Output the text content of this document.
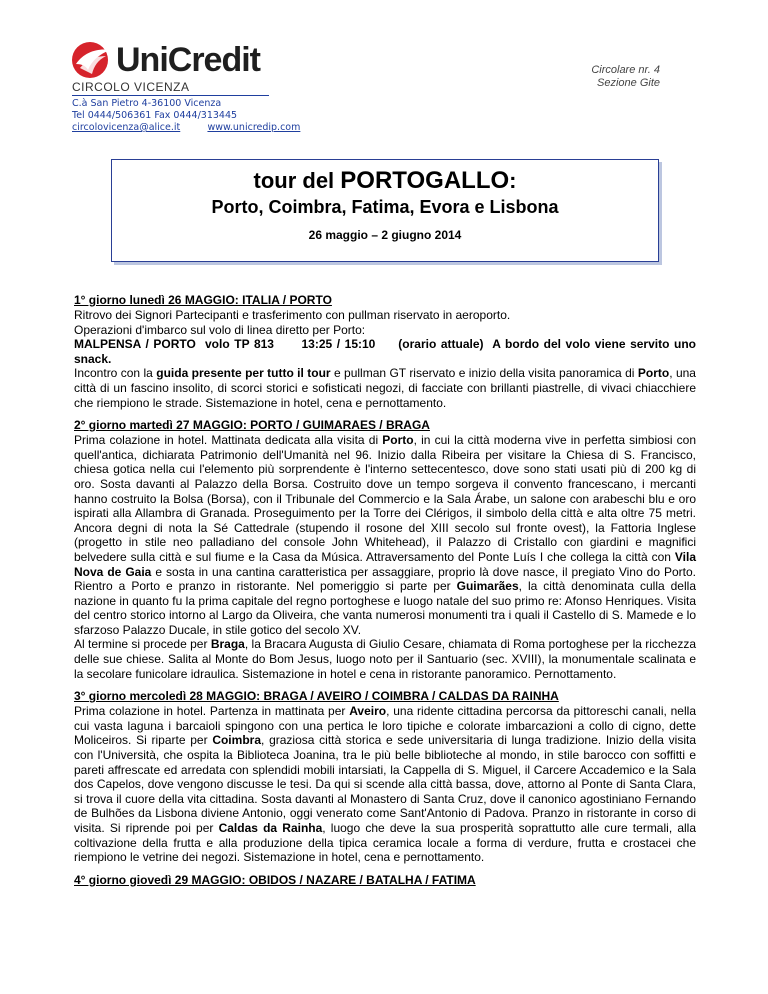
UniCredit
CIRCOLO VICENZA
C.à San Pietro 4-36100 Vicenza
Tel 0444/506361 Fax 0444/313445
circolovicenza@alice.it	www.unicredip.com
Circolare nr. 4
Sezione Gite
tour del PORTOGALLO:
Porto, Coimbra, Fatima, Evora e Lisbona
26 maggio – 2 giugno 2014
1° giorno lunedì 26 MAGGIO: ITALIA / PORTO

Ritrovo dei Signori Partecipanti e trasferimento con pullman riservato in aeroporto.

Operazioni d'imbarco sul volo di linea diretto per Porto:

MALPENSA / PORTO  volo TP 813      13:25 / 15:10     (orario attuale)  A bordo del volo viene servito uno snack.

Incontro con la guida presente per tutto il tour e pullman GT riservato e inizio della visita panoramica di Porto, una città di un fascino insolito, di scorci storici e sofisticati negozi, di facciate con brillanti piastrelle, di vivaci chiacchiere che riempiono le strade. Sistemazione in hotel, cena e pernottamento.

2° giorno martedì 27 MAGGIO: PORTO / GUIMARAES / BRAGA

Prima colazione in hotel. Mattinata dedicata alla visita di Porto, in cui la città moderna vive in perfetta simbiosi con quell'antica, dichiarata Patrimonio dell'Umanità nel 96. Inizio dalla Ribeira per visitare la Chiesa di S. Francisco, chiesa gotica nella cui l'elemento più sorprendente è l'interno settecentesco, dove sono stati usati più di 200 kg di oro. Sosta davanti al Palazzo della Borsa. Costruito dove un tempo sorgeva il convento francescano, i mercanti hanno costruito la Bolsa (Borsa), con il Tribunale del Commercio e la Sala Árabe, un salone con arabeschi blu e oro ispirati alla Allambra di Granada. Proseguimento per la Torre dei Clérigos, il simbolo della città e alta oltre 75 metri. Ancora degni di nota la Sé Cattedrale (stupendo il rosone del XIII secolo sul fronte ovest), la Fattoria Inglese (progetto in stile neo palladiano del console John Whitehead), il Palazzo di Cristallo con giardini e magnifici belvedere sulla città e sul fiume e la Casa da Música. Attraversamento del Ponte Luís I che collega la città con Vila Nova de Gaia e sosta in una cantina caratteristica per assaggiare, proprio là dove nasce, il pregiato Vino do Porto. Rientro a Porto e pranzo in ristorante. Nel pomeriggio si parte per Guimarães, la città denominata culla della nazione in quanto fu la prima capitale del regno portoghese e luogo natale del suo primo re: Afonso Henriques. Visita del centro storico intorno al Largo da Oliveira, che vanta numerosi monumenti tra i quali il Castello di S. Mamede e lo sfarzoso Palazzo Ducale, in stile gotico del secolo XV.

Al termine si procede per Braga, la Bracara Augusta di Giulio Cesare, chiamata di Roma portoghese per la ricchezza delle sue chiese. Salita al Monte do Bom Jesus, luogo noto per il Santuario (sec. XVIII), la monumentale scalinata e la secolare funicolare idraulica. Sistemazione in hotel e cena in ristorante panoramico. Pernottamento.

3° giorno mercoledì 28 MAGGIO: BRAGA / AVEIRO / COIMBRA / CALDAS DA RAINHA

Prima colazione in hotel. Partenza in mattinata per Aveiro, una ridente cittadina percorsa da pittoreschi canali, nella cui vasta laguna i barcaioli spingono con una pertica le loro tipiche e colorate imbarcazioni a collo di cigno, dette Moliceiros. Si riparte per Coimbra, graziosa città storica e sede universitaria di lunga tradizione. Inizio della visita con l'Università, che ospita la Biblioteca Joanina, tra le più belle biblioteche al mondo, in stile barocco con soffitti e pareti affrescate ed arredata con splendidi mobili intarsiati, la Cappella di S. Miguel, il Carcere Accademico e la Sala dos Capelos, dove vengono discusse le tesi. Da qui si scende alla città bassa, dove, attorno al Ponte di Santa Clara, si trova il cuore della vita cittadina. Sosta davanti al Monastero di Santa Cruz, dove il canonico agostiniano Fernando de Bulhões da Lisbona diviene Antonio, oggi venerato come Sant'Antonio di Padova. Pranzo in ristorante in corso di visita. Si riprende poi per Caldas da Rainha, luogo che deve la sua prosperità soprattutto alle cure termali, alla coltivazione della frutta e alla produzione della tipica ceramica locale a forma di verdure, frutta e crostacei che riempiono le vetrine dei negozi. Sistemazione in hotel, cena e pernottamento.

4° giorno giovedì 29 MAGGIO: OBIDOS / NAZARE / BATALHA / FATIMA
